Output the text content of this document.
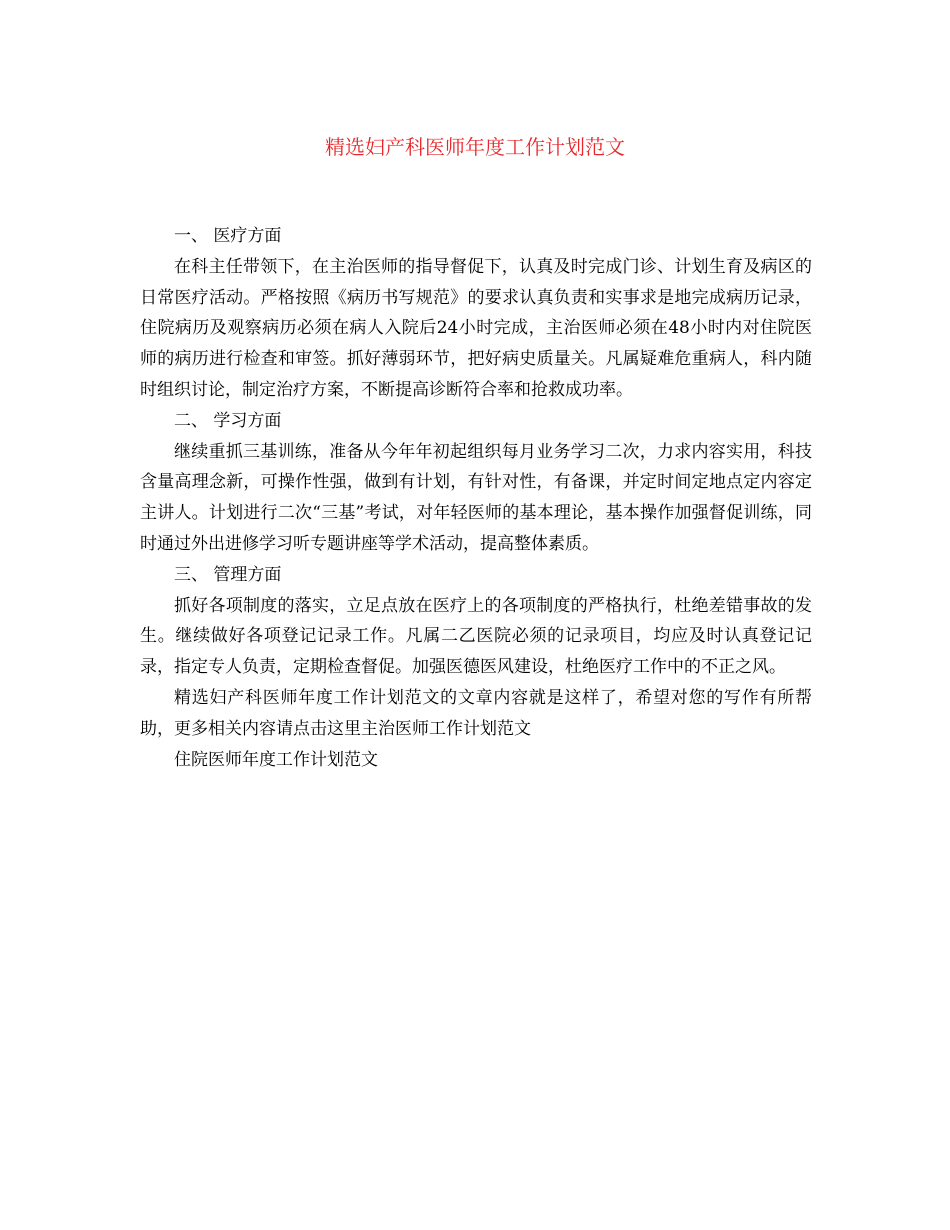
精选妇产科医师年度工作计划范文

一、 医疗方面

在科主任带领下，在主治医师的指导督促下，认真及时完成门诊、计划生育及病区的日常医疗活动。严格按照《病历书写规范》的要求认真负责和实事求是地完成病历记录，住院病历及观察病历必须在病人入院后24小时完成，主治医师必须在48小时内对住院医师的病历进行检查和审签。抓好薄弱环节，把好病史质量关。凡属疑难危重病人，科内随时组织讨论，制定治疗方案，不断提高诊断符合率和抢救成功率。

二、 学习方面

继续重抓三基训练，准备从今年年初起组织每月业务学习二次，力求内容实用，科技含量高理念新，可操作性强，做到有计划，有针对性，有备课，并定时间定地点定内容定主讲人。计划进行二次“三基”考试，对年轻医师的基本理论，基本操作加强督促训练，同时通过外出进修学习听专题讲座等学术活动，提高整体素质。

三、 管理方面

抓好各项制度的落实，立足点放在医疗上的各项制度的严格执行，杜绝差错事故的发生。继续做好各项登记记录工作。凡属二乙医院必须的记录项目，均应及时认真登记记录，指定专人负责，定期检查督促。加强医德医风建设，杜绝医疗工作中的不正之风。

精选妇产科医师年度工作计划范文的文章内容就是这样了，希望对您的写作有所帮助，更多相关内容请点击这里主治医师工作计划范文

住院医师年度工作计划范文
